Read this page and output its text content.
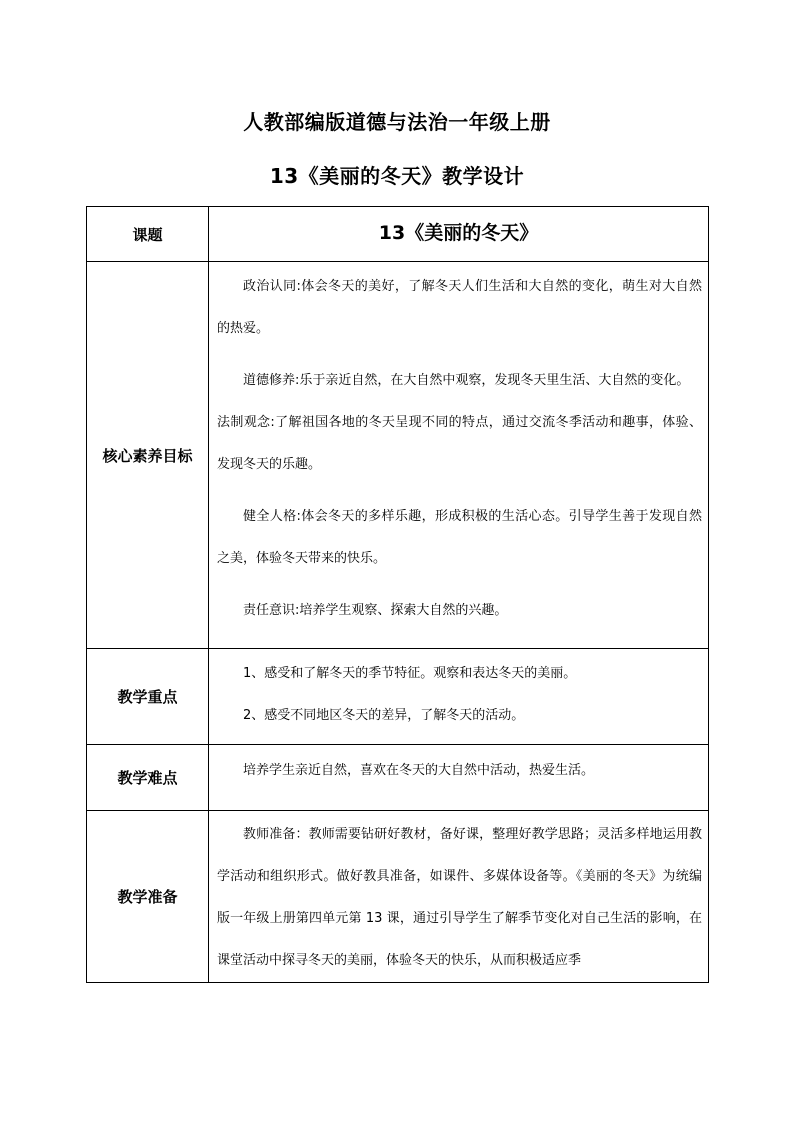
人教部编版道德与法治一年级上册
13《美丽的冬天》教学设计
课题	13《美丽的冬天》

核心素养目标	政治认同:体会冬天的美好，了解冬天人们生活和大自然的变化，萌生对大自然的热爱。

道德修养:乐于亲近自然，在大自然中观察，发现冬天里生活、大自然的变化。

法制观念:了解祖国各地的冬天呈现不同的特点，通过交流冬季活动和趣事，体验、发现冬天的乐趣。

健全人格:体会冬天的多样乐趣，形成积极的生活心态。引导学生善于发现自然之美，体验冬天带来的快乐。

责任意识:培养学生观察、探索大自然的兴趣。

教学重点	1、感受和了解冬天的季节特征。观察和表达冬天的美丽。

2、感受不同地区冬天的差异，了解冬天的活动。

教学难点	培养学生亲近自然，喜欢在冬天的大自然中活动，热爱生活。

教学准备	教师准备：教师需要钻研好教材，备好课，整理好教学思路；灵活多样地运用教学活动和组织形式。做好教具准备，如课件、多媒体设备等。《美丽的冬天》为统编版一年级上册第四单元第 13 课，通过引导学生了解季节变化对自己生活的影响，在课堂活动中探寻冬天的美丽，体验冬天的快乐，从而积极适应季
